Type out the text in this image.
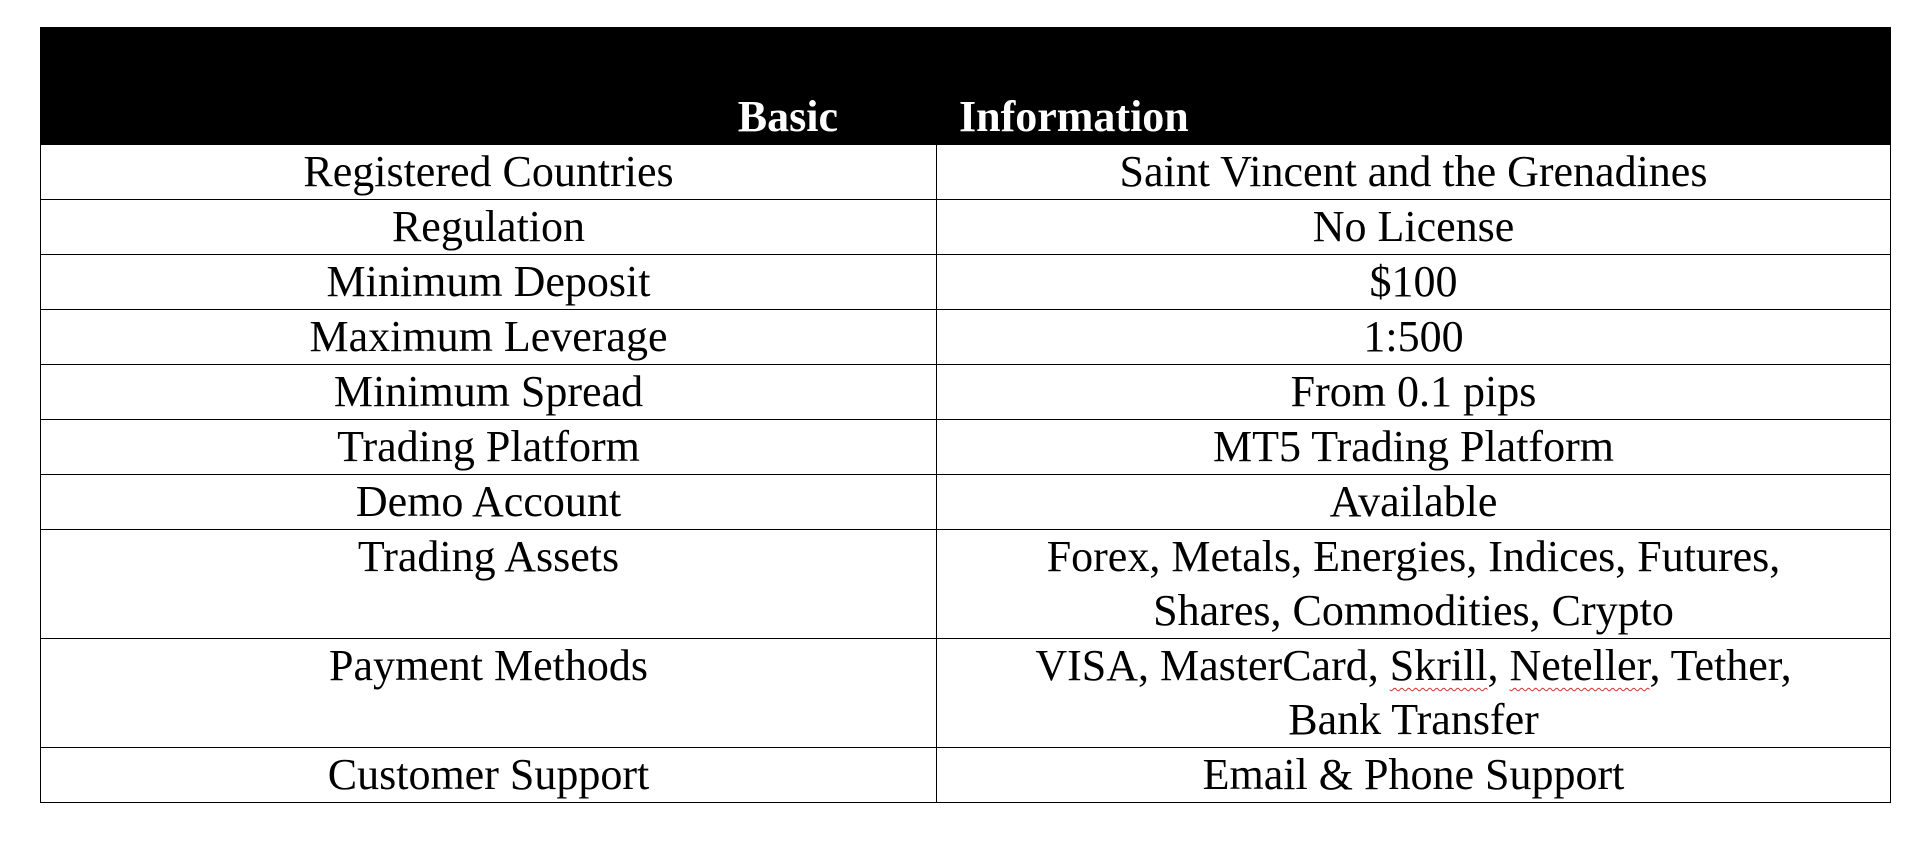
Basic	Information
Registered Countries	Saint Vincent and the Grenadines
Regulation	No License
Minimum Deposit	$100
Maximum Leverage	1:500
Minimum Spread	From 0.1 pips
Trading Platform	MT5 Trading Platform
Demo Account	Available
Trading Assets	Forex, Metals, Energies, Indices, Futures,
Shares, Commodities, Crypto
Payment Methods	VISA, MasterCard, Skrill, Neteller, Tether,
Bank Transfer
Customer Support	Email & Phone Support
